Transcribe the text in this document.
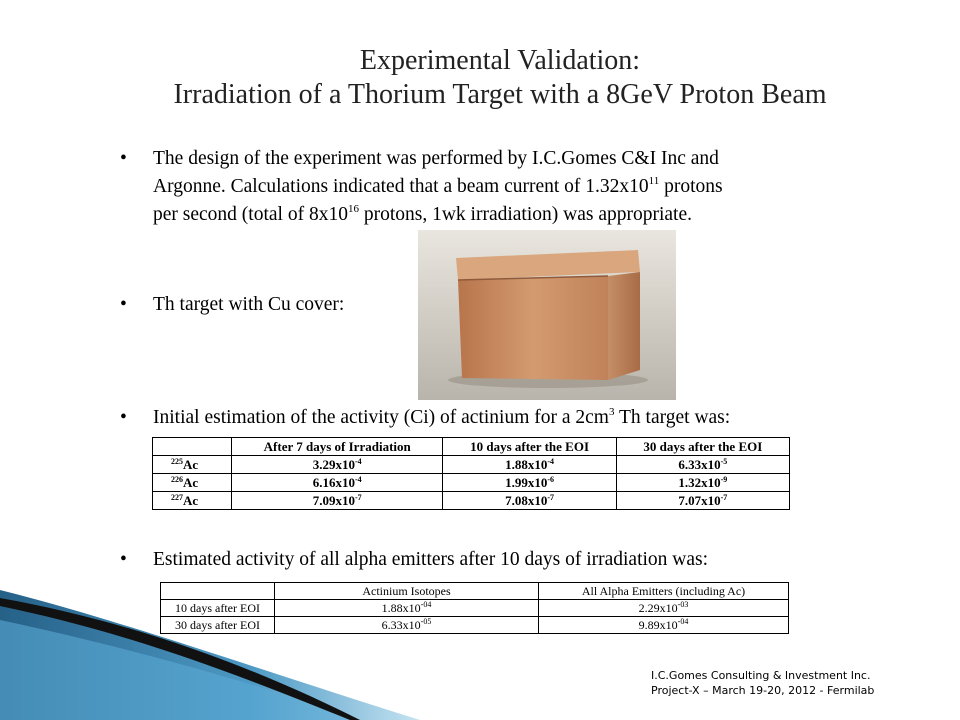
Experimental Validation:
Irradiation of a Thorium Target with a 8GeV Proton Beam
• The design of the experiment was performed by I.C.Gomes C&I Inc and
Argonne. Calculations indicated that a beam current of $1.32x10^{11}$ protons
per second (total of $8x10^{16}$ protons, 1wk irradiation) was appropriate.
• Th target with Cu cover:
• Initial estimation of the activity (Ci) of actinium for a $2cm^3$ Th target was:
	After 7 days of Irradiation	10 days after the EOI	30 days after the EOI
$^{225}$Ac	$3.29x10^{-4}$	$1.88x10^{-4}$	$6.33x10^{-5}$
$^{226}$Ac	$6.16x10^{-4}$	$1.99x10^{-6}$	$1.32x10^{-9}$
$^{227}$Ac	$7.09x10^{-7}$	$7.08x10^{-7}$	$7.07x10^{-7}$
• Estimated activity of all alpha emitters after 10 days of irradiation was:
	Actinium Isotopes	All Alpha Emitters (including Ac)
10 days after EOI	$1.88x10^{-04}$	$2.29x10^{-03}$
30 days after EOI	$6.33x10^{-05}$	$9.89x10^{-04}$
I.C.Gomes Consulting & Investment Inc.
Project-X – March 19-20, 2012 - Fermilab
